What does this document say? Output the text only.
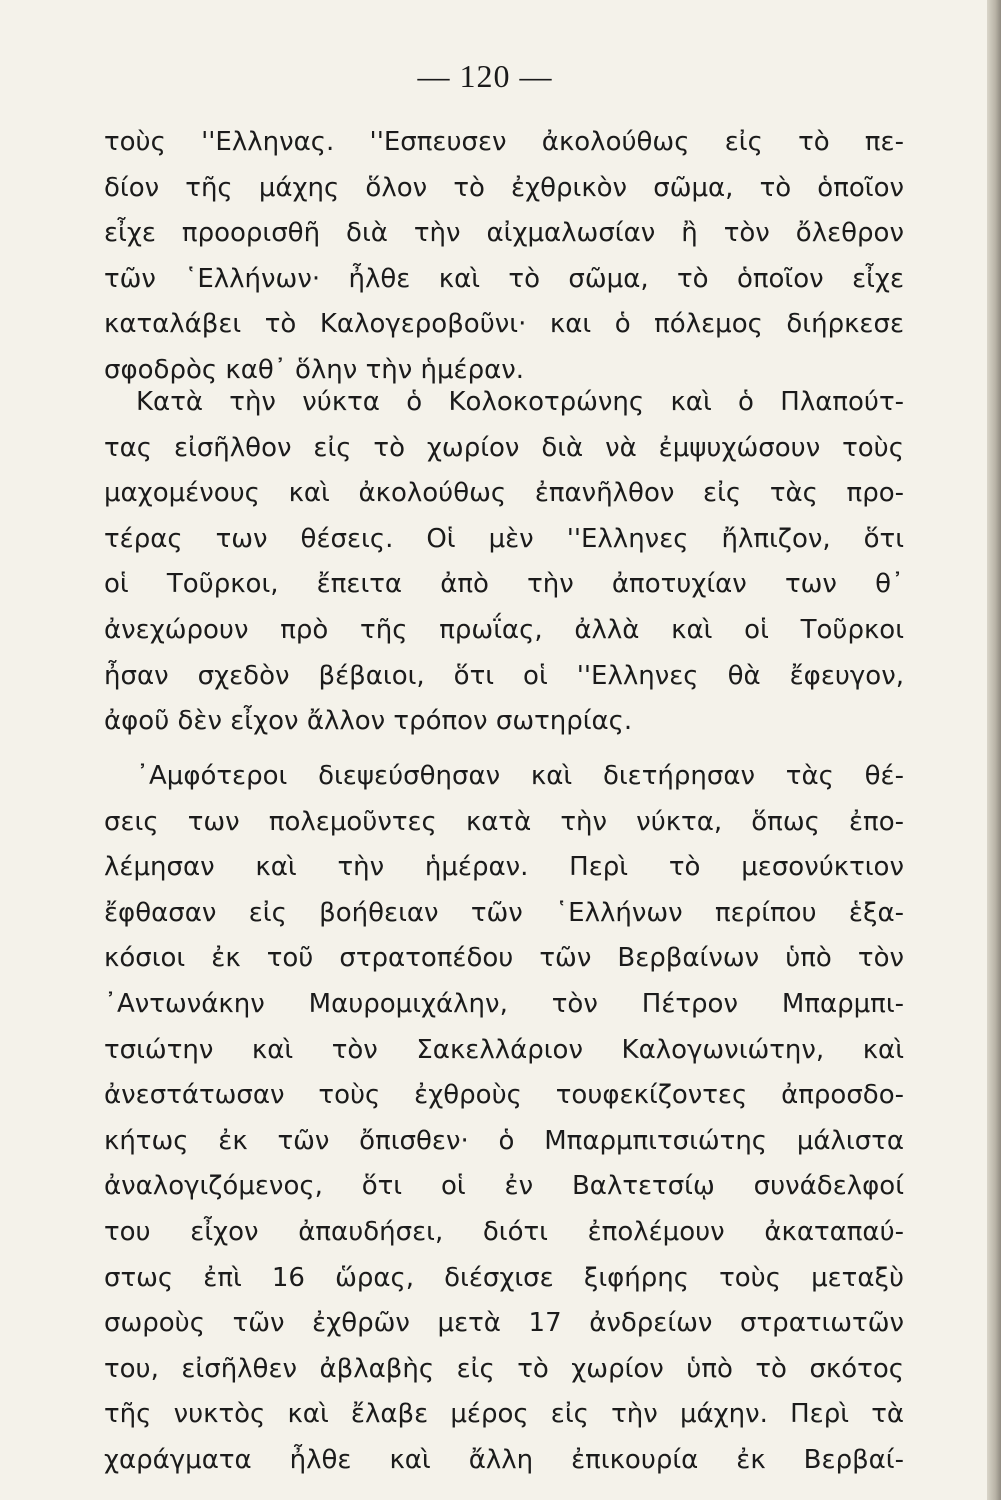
— 120 —
τοὺς ''Ελληνας. ''Εσπευσεν ἀκολούθως εἰς τὸ πε-
δίον τῆς μάχης ὅλον τὸ ἐχθρικὸν σῶμα, τὸ ὁποῖον
εἶχε προορισθῆ διὰ τὴν αἰχμαλωσίαν ἢ τὸν ὄλεθρον
τῶν ῾Ελλήνων· ἦλθε καὶ τὸ σῶμα, τὸ ὁποῖον εἶχε
καταλάβει τὸ Καλογεροβοῦνι· και ὁ πόλεμος διήρκεσε
σφοδρὸς καθ᾽ ὅλην τὴν ἡμέραν.
Κατὰ τὴν νύκτα ὁ Κολοκοτρώνης καὶ ὁ Πλαπούτ-
τας εἰσῆλθον εἰς τὸ χωρίον διὰ νὰ ἐμψυχώσουν τοὺς
μαχομένους καὶ ἀκολούθως ἐπανῆλθον εἰς τὰς προ-
τέρας των θέσεις. Οἱ μὲν ''Ελληνες ἤλπιζον, ὅτι
οἱ Τοῦρκοι, ἔπειτα ἀπὸ τὴν ἀποτυχίαν των θ᾽
ἀνεχώρουν πρὸ τῆς πρωΐας, ἀλλὰ καὶ οἱ Τοῦρκοι
ἦσαν σχεδὸν βέβαιοι, ὅτι οἱ ''Ελληνες θὰ ἔφευγον,
ἀφοῦ δὲν εἶχον ἄλλον τρόπον σωτηρίας.
᾽Αμφότεροι διεψεύσθησαν καὶ διετήρησαν τὰς θέ-
σεις των πολεμοῦντες κατὰ τὴν νύκτα, ὅπως ἐπο-
λέμησαν καὶ τὴν ἡμέραν. Περὶ τὸ μεσονύκτιον
ἔφθασαν εἰς βοήθειαν τῶν ῾Ελλήνων περίπου ἑξα-
κόσιοι ἐκ τοῦ στρατοπέδου τῶν Βερβαίνων ὑπὸ τὸν
᾽Αντωνάκην Μαυρομιχάλην, τὸν Πέτρον Μπαρμπι-
τσιώτην καὶ τὸν Σακελλάριον Καλογωνιώτην, καὶ
ἀνεστάτωσαν τοὺς ἐχθροὺς τουφεκίζοντες ἀπροσδο-
κήτως ἐκ τῶν ὄπισθεν· ὁ Μπαρμπιτσιώτης μάλιστα
ἀναλογιζόμενος, ὅτι οἱ ἐν Βαλτετσίῳ συνάδελφοί
του εἶχον ἀπαυδήσει, διότι ἐπολέμουν ἀκαταπαύ-
στως ἐπὶ 16 ὥρας, διέσχισε ξιφήρης τοὺς μεταξὺ
σωροὺς τῶν ἐχθρῶν μετὰ 17 ἀνδρείων στρατιωτῶν
του, εἰσῆλθεν ἀβλαβὴς εἰς τὸ χωρίον ὑπὸ τὸ σκότος
τῆς νυκτὸς καὶ ἔλαβε μέρος εἰς τὴν μάχην. Περὶ τὰ
χαράγματα ἦλθε καὶ ἄλλη ἐπικουρία ἐκ Βερβαί-
